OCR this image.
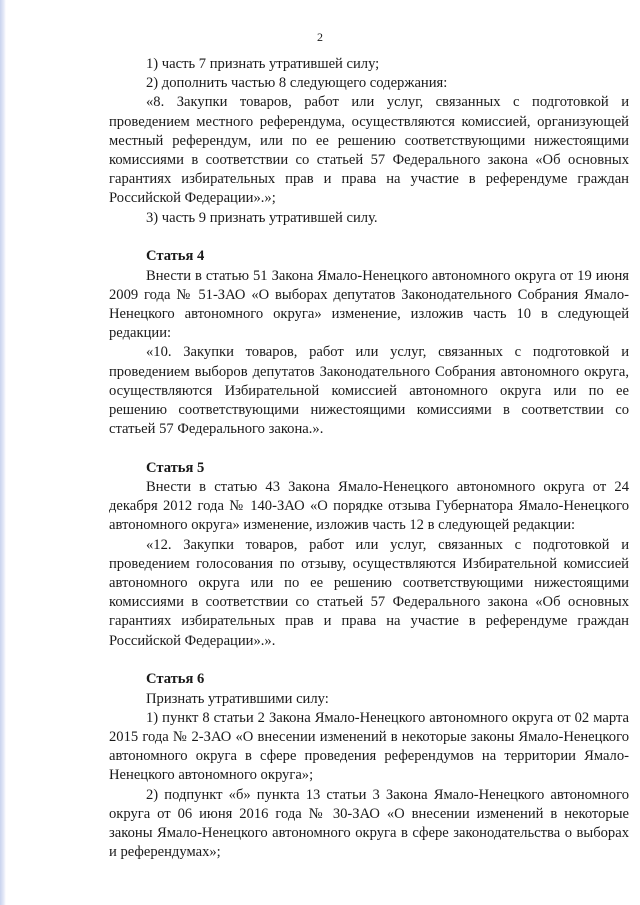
2

1) часть 7 признать утратившей силу;

2) дополнить частью 8 следующего содержания:

«8. Закупки товаров, работ или услуг, связанных с подготовкой и проведением местного референдума, осуществляются комиссией, организующей местный референдум, или по ее решению соответствующими нижестоящими комиссиями в соответствии со статьей 57 Федерального закона «Об основных гарантиях избирательных прав и права на участие в референдуме граждан Российской Федерации».»;

3) часть 9 признать утратившей силу.

Статья 4

Внести в статью 51 Закона Ямало-Ненецкого автономного округа от 19 июня 2009 года № 51-ЗАО «О выборах депутатов Законодательного Собрания Ямало-Ненецкого автономного округа» изменение, изложив часть 10 в следующей редакции:

«10. Закупки товаров, работ или услуг, связанных с подготовкой и проведением выборов депутатов Законодательного Собрания автономного округа, осуществляются Избирательной комиссией автономного округа или по ее решению соответствующими нижестоящими комиссиями в соответствии со статьей 57 Федерального закона.».

Статья 5

Внести в статью 43 Закона Ямало-Ненецкого автономного округа от 24 декабря 2012 года № 140-ЗАО «О порядке отзыва Губернатора Ямало-Ненецкого автономного округа» изменение, изложив часть 12 в следующей редакции:

«12. Закупки товаров, работ или услуг, связанных с подготовкой и проведением голосования по отзыву, осуществляются Избирательной комиссией автономного округа или по ее решению соответствующими нижестоящими комиссиями в соответствии со статьей 57 Федерального закона «Об основных гарантиях избирательных прав и права на участие в референдуме граждан Российской Федерации».».

Статья 6

Признать утратившими силу:

1) пункт 8 статьи 2 Закона Ямало-Ненецкого автономного округа от 02 марта 2015 года № 2-ЗАО «О внесении изменений в некоторые законы Ямало-Ненецкого автономного округа в сфере проведения референдумов на территории Ямало-Ненецкого автономного округа»;

2) подпункт «б» пункта 13 статьи 3 Закона Ямало-Ненецкого автономного округа от 06 июня 2016 года № 30-ЗАО «О внесении изменений в некоторые законы Ямало-Ненецкого автономного округа в сфере законодательства о выборах и референдумах»;
